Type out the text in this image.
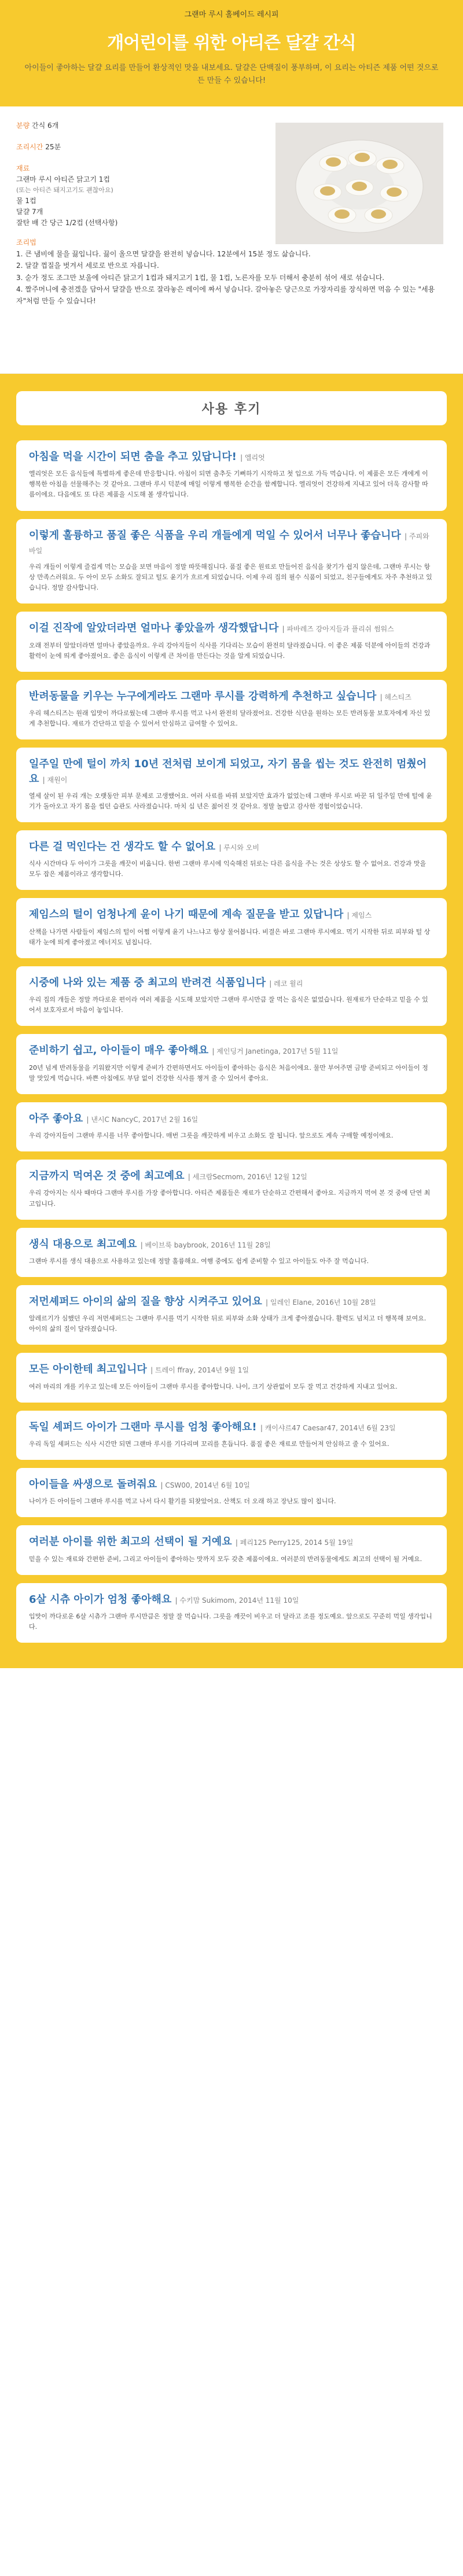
그랜마 루시 홀베이드 레시피
개어린이를 위한 아티즌 달걀 간식

아이들이 좋아하는 달걀 요리를 만들어 환상적인 맛을 내보세요. 달걀은 단백질이 풍부하며, 이 요리는 아티즌 제품 어떤 것으로든 만들 수 있습니다!

분량 간식 6개
조리시간 25분
재료
그랜마 루시 아티즌 닭고기 1컵
(또는 아티즌 돼지고기도 괜찮아요)
물 1컵
달걀 7개
잘탄 배 간 당근 1/2컵 (선택사항)
조리법
1. 큰 냄비에 물을 끓입니다. 끓이 올으면 달걀을 완전히 넣습니다. 12분에서 15분 정도 삶습니다.
2. 달걀 껍질을 벗겨서 세로로 반으로 자릅니다.
3. 숟가 정도 조그만 보울에 아티즌 닭고기 1컵과 돼지고기 1컵, 물 1컵, 노른자를 모두 더해서 충분히 섞어 새로 섞습니다.
4. 짤주머니에 충전겠을 담아서 달걀을 반으로 잘라놓은 레이에 짜서 넣습니다. 갈아놓은 당근으로 가장자리를 장식하면 먹음 수 있는 "세용 자"처럼 만들 수 있습니다!
사용 후기
아침을 먹을 시간이 되면 춤을 추고 있답니다! | 엘리엇

엘리엇은 모든 음식들에 특별하게 좋은데 반응합니다. 아침이 되면 춤추듯 기뻐하기 시작하고 첫 입으로 가득 먹습니다. 이 제품은 모든 개에게 이 행복한 아침을 선물해주는 것 같아요. 그랜마 루시 덕분에 매일 이렇게 행복한 순간을 함께합니다. 엘리엇이 건강하게 지내고 있어 더욱 감사할 따름이에요. 다음에도 또 다른 제품을 시도해 볼 생각입니다.

이렇게 훌륭하고 품질 좋은 식품을 우리 개들에게 먹일 수 있어서 너무나 좋습니다 | 주피와 바일

우리 개들이 이렇게 즐겁게 먹는 모습을 보면 마음이 정말 따뜻해집니다. 품질 좋은 원료로 만들어진 음식을 찾기가 쉽지 않은데, 그랜마 루시는 항상 만족스러워요. 두 아이 모두 소화도 잘되고 털도 윤기가 흐르게 되었습니다. 이제 우리 집의 필수 식품이 되었고, 친구들에게도 자주 추천하고 있습니다. 정말 감사합니다.

이걸 진작에 알았더라면 얼마나 좋았을까 생각했답니다 | 파바레즈 강아지들과 플리쉬 썸워스

오래 전부터 알았더라면 얼마나 좋았을까요. 우리 강아지들이 식사를 기다리는 모습이 완전히 달라졌습니다. 이 좋은 제품 덕분에 아이들의 건강과 활력이 눈에 띄게 좋아졌어요. 좋은 음식이 이렇게 큰 차이를 만든다는 것을 알게 되었습니다.

반려동물을 키우는 누구에게라도 그랜마 루시를 강력하게 추천하고 싶습니다 | 헤스티즈

우리 헤스티즈는 원래 입맛이 까다로웠는데 그랜마 루시를 먹고 나서 완전히 달라졌어요. 건강한 식단을 원하는 모든 반려동물 보호자에게 자신 있게 추천합니다. 재료가 간단하고 믿을 수 있어서 안심하고 급여할 수 있어요.

일주일 만에 털이 까치 10년 전처럼 보이게 되었고, 자기 몸을 씹는 것도 완전히 멈췄어요 | 재원이

열세 살이 된 우리 개는 오랫동안 피부 문제로 고생했어요. 여러 사료를 바꿔 보았지만 효과가 없었는데 그랜마 루시로 바꾼 뒤 일주일 만에 털에 윤기가 돌아오고 자기 몸을 씹던 습관도 사라졌습니다. 마치 십 년은 젊어진 것 같아요. 정말 놀랍고 감사한 경험이었습니다.

다른 걸 먹인다는 건 생각도 할 수 없어요 | 루시와 오비

식사 시간마다 두 아이가 그릇을 깨끗이 비웁니다. 한번 그랜마 루시에 익숙해진 뒤로는 다른 음식을 주는 것은 상상도 할 수 없어요. 건강과 맛을 모두 잡은 제품이라고 생각합니다.

제임스의 털이 엄청나게 윤이 나기 때문에 계속 질문을 받고 있답니다 | 제임스

산책을 나가면 사람들이 제임스의 털이 어쩜 이렇게 윤기 나느냐고 항상 물어봅니다. 비결은 바로 그랜마 루시예요. 먹기 시작한 뒤로 피부와 털 상태가 눈에 띄게 좋아졌고 에너지도 넘칩니다.

시중에 나와 있는 제품 중 최고의 반려견 식품입니다 | 레코 윌리

우리 집의 개들은 정말 까다로운 편이라 여러 제품을 시도해 보았지만 그랜마 루시만큼 잘 먹는 음식은 없었습니다. 원재료가 단순하고 믿을 수 있어서 보호자로서 마음이 놓입니다.

준비하기 쉽고, 아이들이 매우 좋아해요 | 제인딩거 Janetinga, 2017년 5월 11일

20년 넘게 반려동물을 키워왔지만 이렇게 준비가 간편하면서도 아이들이 좋아하는 음식은 처음이에요. 물만 부어주면 금방 준비되고 아이들이 정말 맛있게 먹습니다. 바쁜 아침에도 부담 없이 건강한 식사를 챙겨 줄 수 있어서 좋아요.

아주 좋아요 | 낸시C NancyC, 2017년 2월 16일

우리 강아지들이 그랜마 루시를 너무 좋아합니다. 매번 그릇을 깨끗하게 비우고 소화도 잘 됩니다. 앞으로도 계속 구매할 예정이에요.

지금까지 먹여온 것 중에 최고예요 | 세크람Secmom, 2016년 12월 12일

우리 강아지는 식사 때마다 그랜마 루시를 가장 좋아합니다. 아티즌 제품들은 재료가 단순하고 간편해서 좋아요. 지금까지 먹여 본 것 중에 단연 최고입니다.

생식 대용으로 최고예요 | 베이브룩 baybrook, 2016년 11월 28일

그랜마 루시를 생식 대용으로 사용하고 있는데 정말 훌륭해요. 여행 중에도 쉽게 준비할 수 있고 아이들도 아주 잘 먹습니다.

저먼셰퍼드 아이의 삶의 질을 향상 시켜주고 있어요 | 일레인 Elane, 2016년 10월 28일

알레르기가 심했던 우리 저먼셰퍼드는 그랜마 루시를 먹기 시작한 뒤로 피부와 소화 상태가 크게 좋아졌습니다. 활력도 넘치고 더 행복해 보여요. 아이의 삶의 질이 달라졌습니다.

모든 아이한테 최고입니다 | 트레이 ffray, 2014년 9월 1일

여러 마리의 개를 키우고 있는데 모든 아이들이 그랜마 루시를 좋아합니다. 나이, 크기 상관없이 모두 잘 먹고 건강하게 지내고 있어요.

독일 셰퍼드 아이가 그랜마 루시를 엄청 좋아해요! | 캐이샤르47 Caesar47, 2014년 6월 23일

우리 독일 셰퍼드는 식사 시간만 되면 그랜마 루시를 기다리며 꼬리를 흔듭니다. 품질 좋은 재료로 만들어져 안심하고 줄 수 있어요.

아이들을 싸생으로 돌려줘요 | CSW00, 2014년 6월 10일

나이가 든 아이들이 그랜마 루시를 먹고 나서 다시 활기를 되찾았어요. 산책도 더 오래 하고 장난도 많이 칩니다.

여러분 아이를 위한 최고의 선택이 될 거예요 | 페리125 Perry125, 2014 5월 19일

믿을 수 있는 재료와 간편한 준비, 그리고 아이들이 좋아하는 맛까지 모두 갖춘 제품이에요. 여러분의 반려동물에게도 최고의 선택이 될 거예요.

6살 시츄 아이가 엄청 좋아해요 | 수키맘 Sukimom, 2014년 11월 10일

입맛이 까다로운 6살 시츄가 그랜마 루시만큼은 정말 잘 먹습니다. 그릇을 깨끗이 비우고 더 달라고 조를 정도예요. 앞으로도 꾸준히 먹일 생각입니다.
